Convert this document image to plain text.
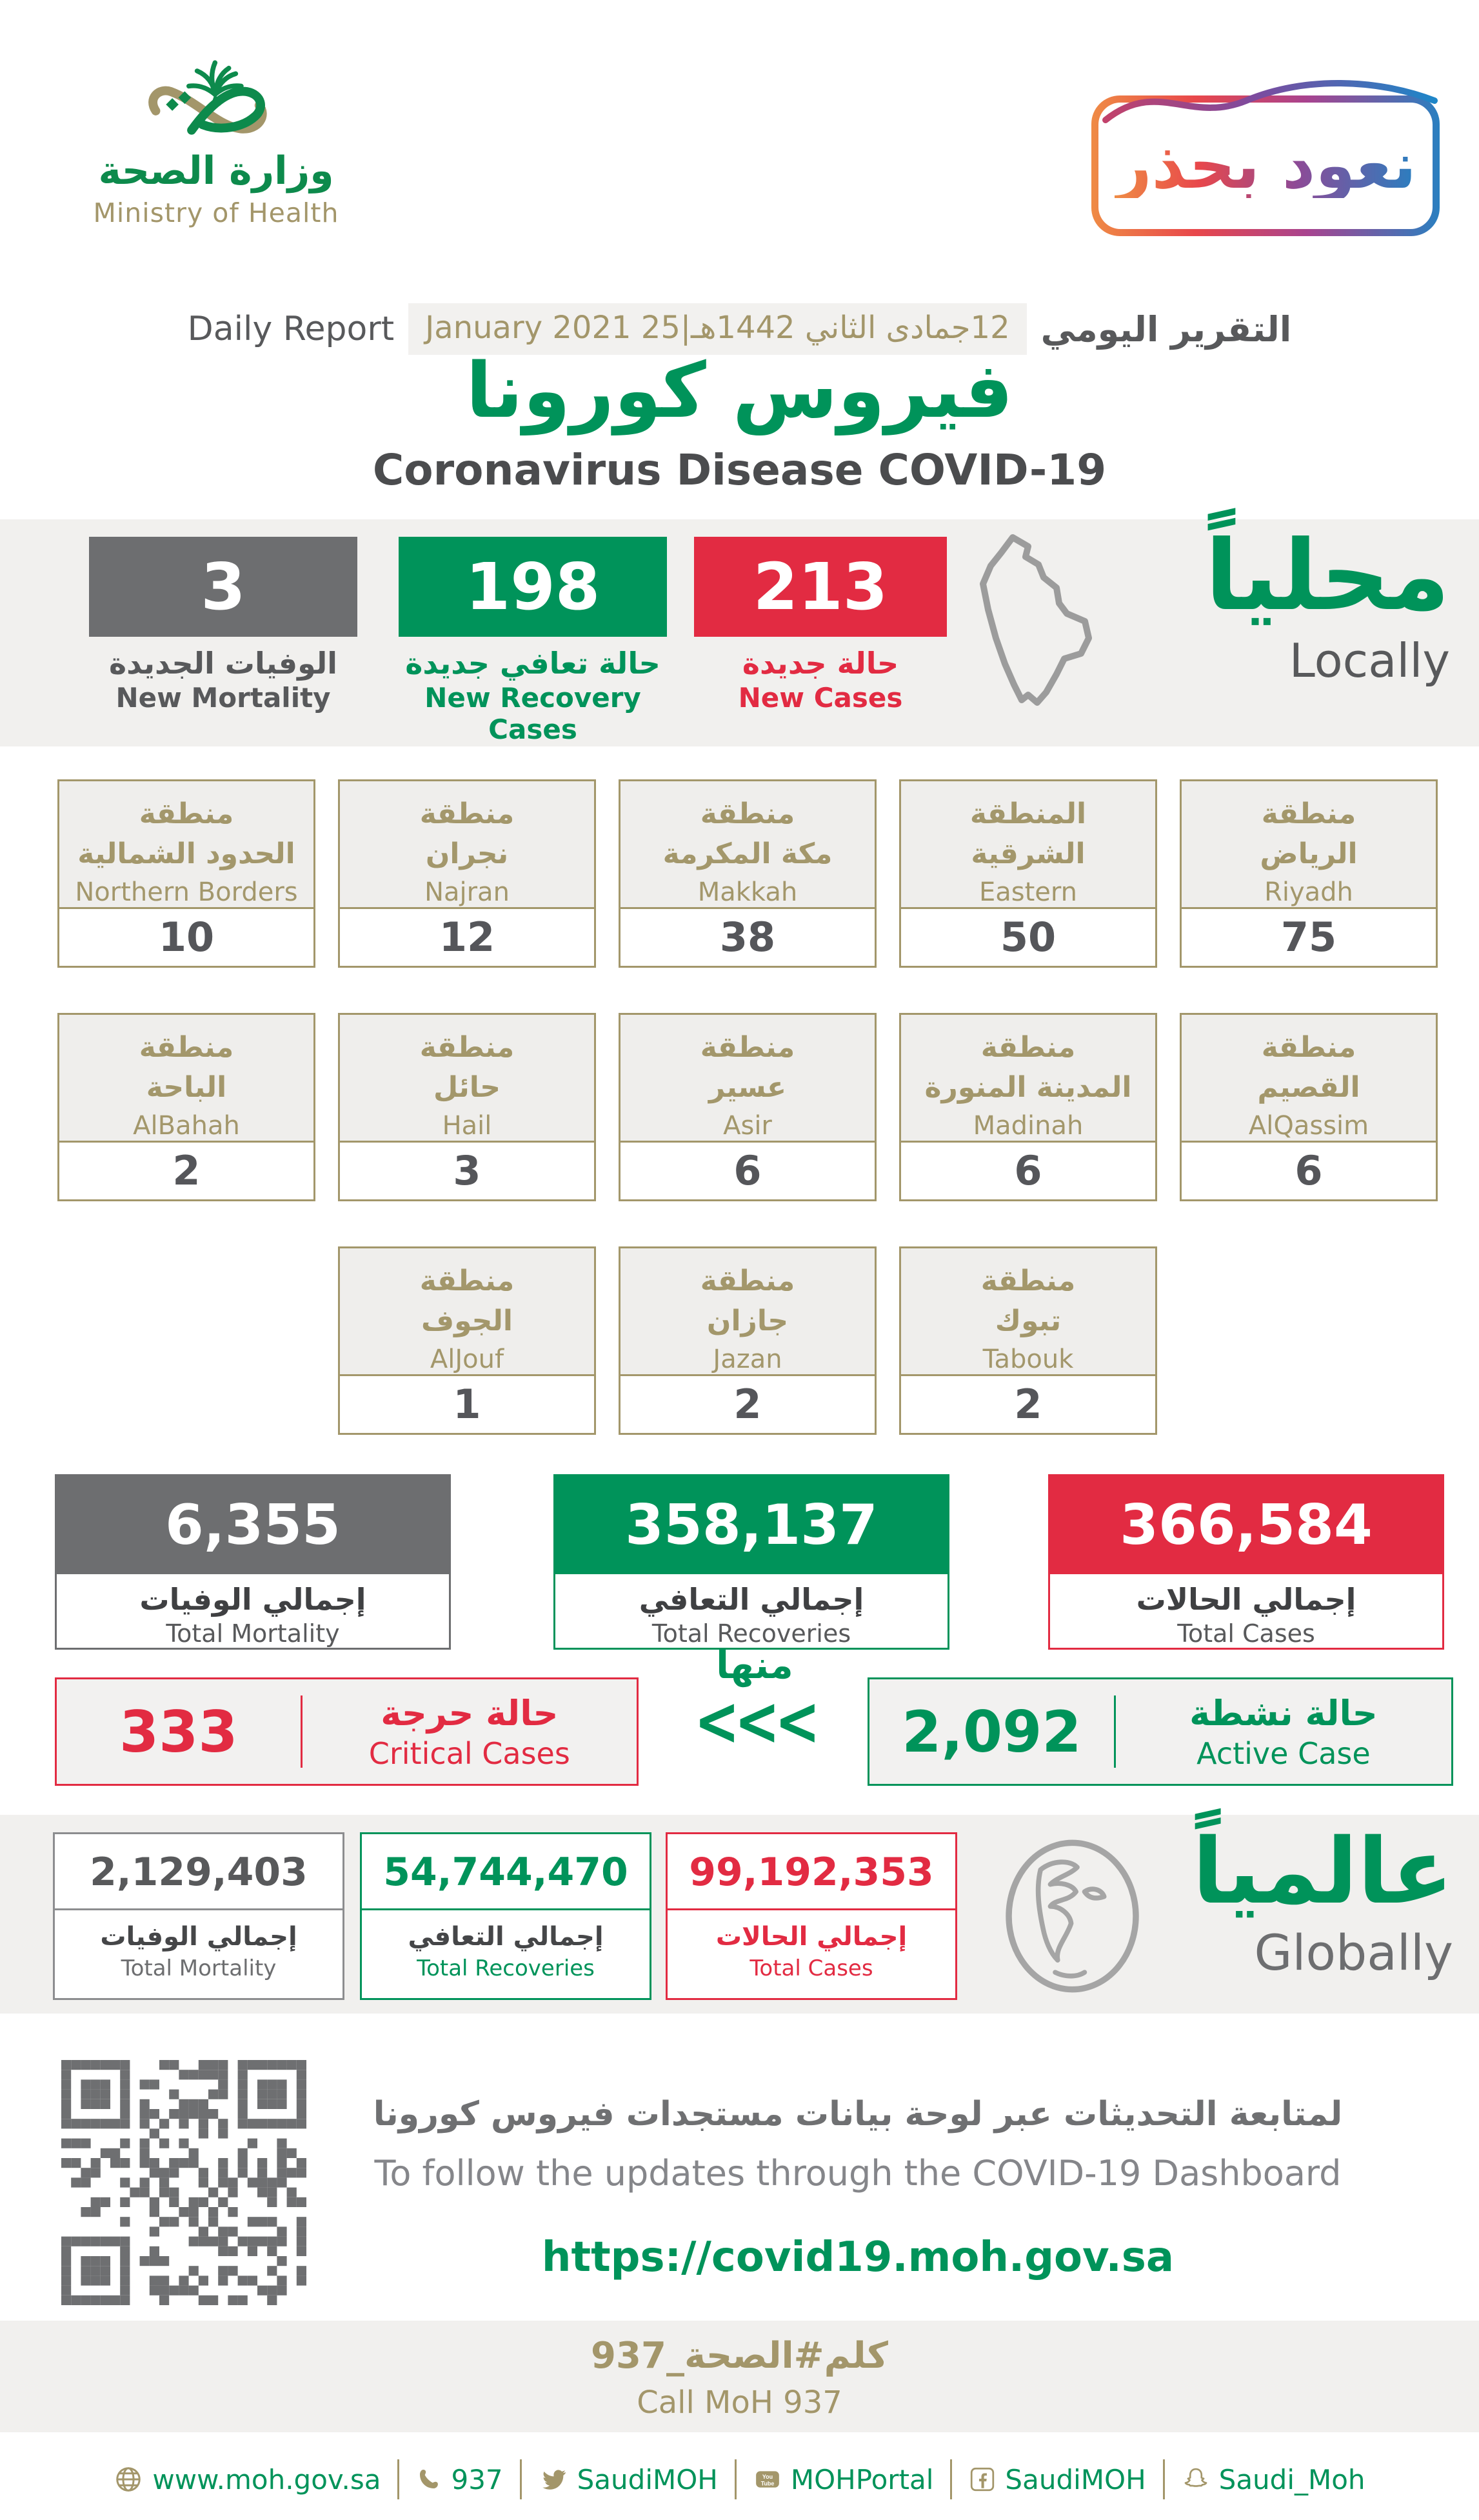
وزارة الصحة
Ministry of Health
نعود بحذر
Daily Report	12جمادى الثاني 1442هـ|25 January 2021 التقرير اليومي
فيروس كورونا
Coronavirus Disease COVID-19
3
الوفيات الجديدة
New Mortality
198
حالة تعافي جديدة
New Recovery Cases
213
حالة جديدة
New Cases
محلياً
Locally
منطقة
الحدود الشمالية
Northern Borders
10
منطقة
نجران
Najran
12
منطقة
مكة المكرمة
Makkah
38
المنطقة
الشرقية
Eastern
50
منطقة
الرياض
Riyadh
75
منطقة
الباحة
AlBahah
2
منطقة
حائل
Hail
3
منطقة
عسير
Asir
6
منطقة
المدينة المنورة
Madinah
6
منطقة
القصيم
AlQassim
6
منطقة
الجوف
AlJouf
1
منطقة
جازان
Jazan
2
منطقة
تبوك
Tabouk
2
6,355
إجمالي الوفيات
Total Mortality
358,137
إجمالي التعافي
Total Recoveries
366,584
إجمالي الحالات
Total Cases
333	حالة حرجة
Critical Cases
منها
<<<	2,092	حالة نشطة
Active Case
2,129,403
إجمالي الوفيات
Total Mortality
54,744,470
إجمالي التعافي
Total Recoveries
99,192,353
إجمالي الحالات
Total Cases
عالمياً
Globally
لمتابعة التحديثات عبر لوحة بيانات مستجدات فيروس كورونا
To follow the updates through the COVID-19 Dashboard
https://covid19.moh.gov.sa
كلم#الصحة_937
Call MoH 937
www.moh.gov.sa	937	SaudiMOH	You
Tube MOHPortal	SaudiMOH	Saudi_Moh
